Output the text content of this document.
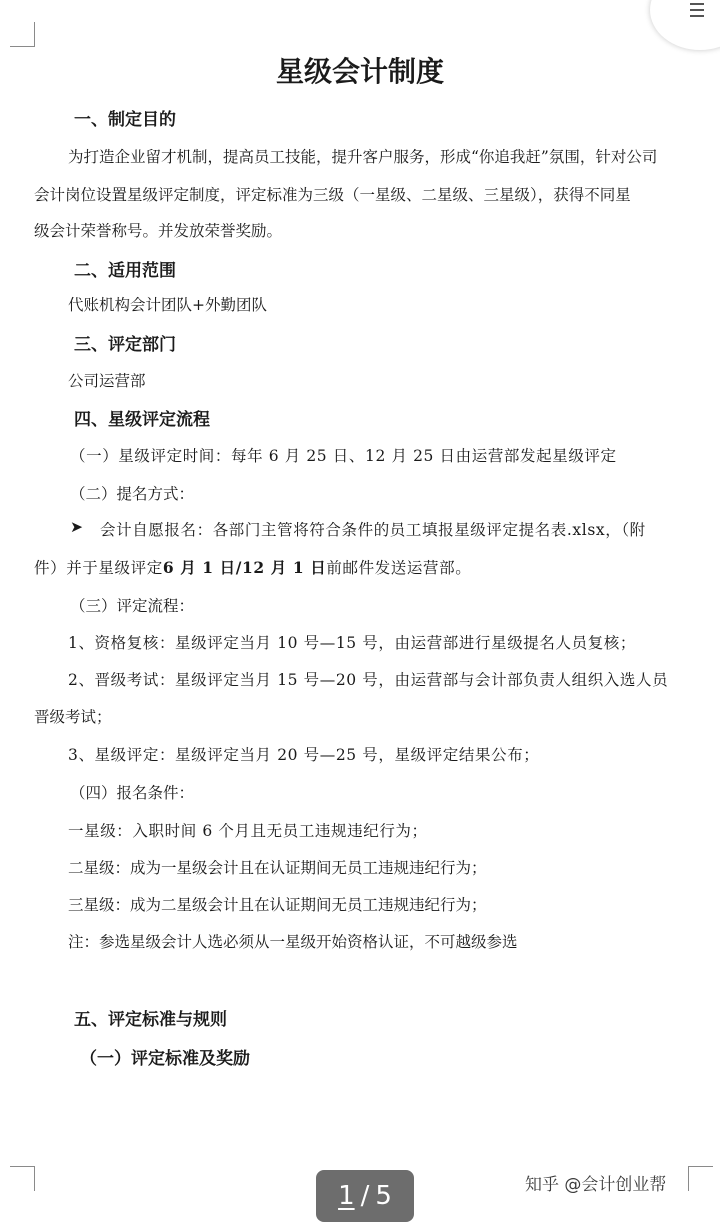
星级会计制度
一、制定目的
为打造企业留才机制，提高员工技能，提升客户服务，形成“你追我赶”氛围，针对公司
会计岗位设置星级评定制度，评定标准为三级（一星级、二星级、三星级），获得不同星
级会计荣誉称号。并发放荣誉奖励。
二、适用范围
代账机构会计团队+外勤团队
三、评定部门
公司运营部
四、星级评定流程
（一）星级评定时间：每年 6 月 25 日、12 月 25 日由运营部发起星级评定
（二）提名方式：
➤ 会计自愿报名：各部门主管将符合条件的员工填报星级评定提名表.xlsx，（附
件）并于星级评定6 月 1 日/12 月 1 日前邮件发送运营部。
（三）评定流程：
1、资格复核：星级评定当月 10 号—15 号，由运营部进行星级提名人员复核；
2、晋级考试：星级评定当月 15 号—20 号，由运营部与会计部负责人组织入选人员
晋级考试；
3、星级评定：星级评定当月 20 号—25 号，星级评定结果公布；
（四）报名条件：
一星级：入职时间 6 个月且无员工违规违纪行为；
二星级：成为一星级会计且在认证期间无员工违规违纪行为；
三星级：成为二星级会计且在认证期间无员工违规违纪行为；
注：参选星级会计人选必须从一星级开始资格认证，不可越级参选
五、评定标准与规则
（一）评定标准及奖励
1 / 5	知乎 @会计创业帮
